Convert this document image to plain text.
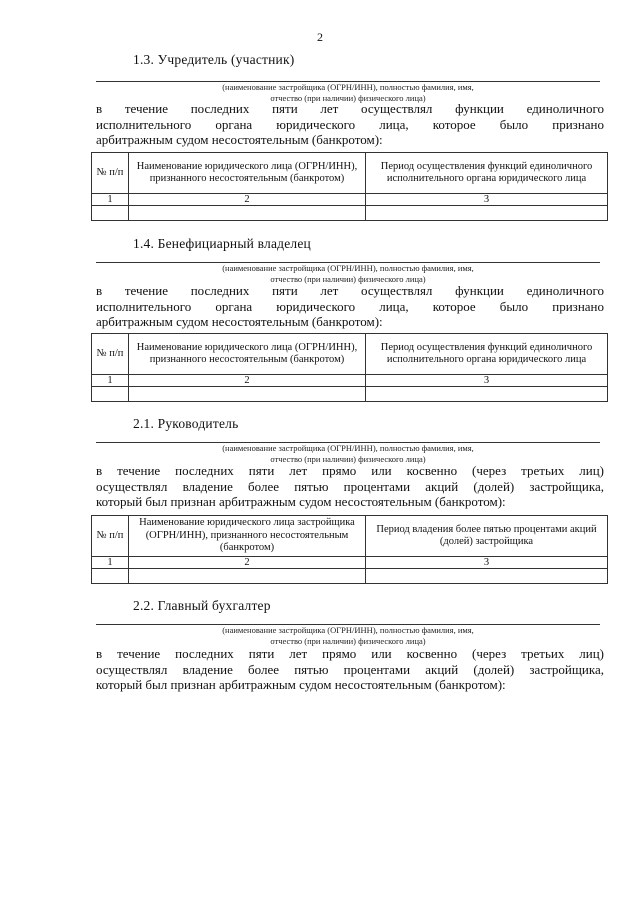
2
1.3. Учредитель (участник)
(наименование застройщика (ОГРН/ИНН), полностью фамилия, имя,
отчество (при наличии) физического лица)
в течение последних пяти лет осуществлял функции единоличного
исполнительного органа юридического лица, которое было признано
арбитражным судом несостоятельным (банкротом):
№ п/п	Наименование юридического лица (ОГРН/ИНН), признанного несостоятельным (банкротом)	Период осуществления функций единоличного исполнительного органа юридического лица
1	2	3

1.4. Бенефициарный владелец
(наименование застройщика (ОГРН/ИНН), полностью фамилия, имя,
отчество (при наличии) физического лица)
в течение последних пяти лет осуществлял функции единоличного
исполнительного органа юридического лица, которое было признано
арбитражным судом несостоятельным (банкротом):
№ п/п	Наименование юридического лица (ОГРН/ИНН), признанного несостоятельным (банкротом)	Период осуществления функций единоличного исполнительного органа юридического лица
1	2	3

2.1. Руководитель
(наименование застройщика (ОГРН/ИНН), полностью фамилия, имя,
отчество (при наличии) физического лица)
в течение последних пяти лет прямо или косвенно (через третьих лиц)
осуществлял владение более пятью процентами акций (долей) застройщика,
который был признан арбитражным судом несостоятельным (банкротом):
№ п/п	Наименование юридического лица застройщика (ОГРН/ИНН), признанного несостоятельным (банкротом)	Период владения более пятью процентами акций (долей) застройщика
1	2	3

2.2. Главный бухгалтер
(наименование застройщика (ОГРН/ИНН), полностью фамилия, имя,
отчество (при наличии) физического лица)
в течение последних пяти лет прямо или косвенно (через третьих лиц)
осуществлял владение более пятью процентами акций (долей) застройщика,
который был признан арбитражным судом несостоятельным (банкротом):
